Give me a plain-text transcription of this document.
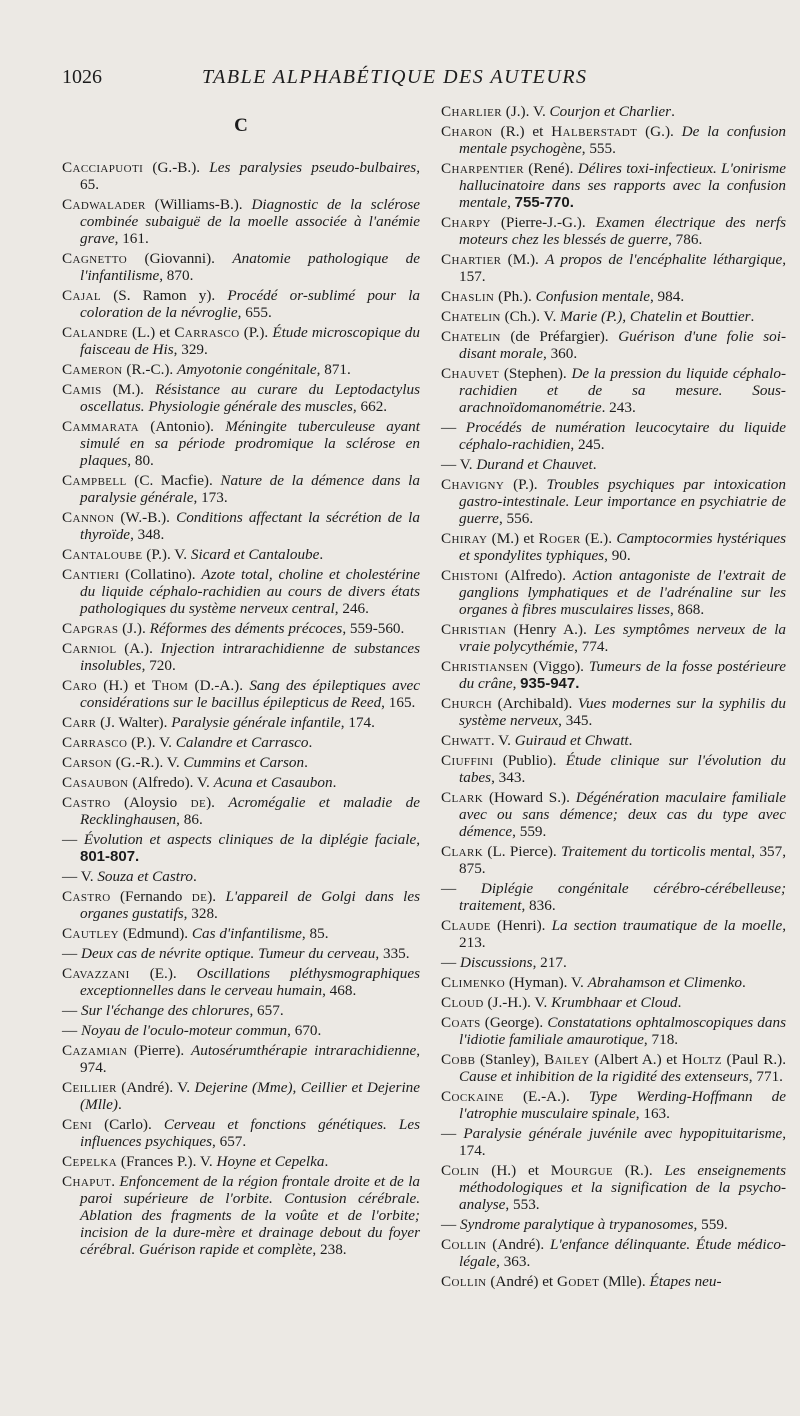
1026	TABLE ALPHABÉTIQUE DES AUTEURS
C
Cacciapuoti (G.-B.). Les paralysies pseudo-bulbaires, 65.
Cadwalader (Williams-B.). Diagnostic de la sclérose combinée subaiguë de la moelle associée à l'anémie grave, 161.
Cagnetto (Giovanni). Anatomie pathologique de l'infantilisme, 870.
Cajal (S. Ramon y). Procédé or-sublimé pour la coloration de la névroglie, 655.
Calandre (L.) et Carrasco (P.). Étude microscopique du faisceau de His, 329.
Cameron (R.-C.). Amyotonie congénitale, 871.
Camis (M.). Résistance au curare du Leptodactylus oscellatus. Physiologie générale des muscles, 662.
Cammarata (Antonio). Méningite tuberculeuse ayant simulé en sa période prodromique la sclérose en plaques, 80.
Campbell (C. Macfie). Nature de la démence dans la paralysie générale, 173.
Cannon (W.-B.). Conditions affectant la sécrétion de la thyroïde, 348.
Cantaloube (P.). V. Sicard et Cantaloube.
Cantieri (Collatino). Azote total, choline et cholestérine du liquide céphalo-rachidien au cours de divers états pathologiques du système nerveux central, 246.
Capgras (J.). Réformes des déments précoces, 559-560.
Carniol (A.). Injection intrarachidienne de substances insolubles, 720.
Caro (H.) et Thom (D.-A.). Sang des épileptiques avec considérations sur le bacillus épilepticus de Reed, 165.
Carr (J. Walter). Paralysie générale infantile, 174.
Carrasco (P.). V. Calandre et Carrasco.
Carson (G.-R.). V. Cummins et Carson.
Casaubon (Alfredo). V. Acuna et Casaubon.
Castro (Aloysio de). Acromégalie et maladie de Recklinghausen, 86.
— Évolution et aspects cliniques de la diplégie faciale, 801-807.
— V. Souza et Castro.
Castro (Fernando de). L'appareil de Golgi dans les organes gustatifs, 328.
Cautley (Edmund). Cas d'infantilisme, 85.
— Deux cas de névrite optique. Tumeur du cerveau, 335.
Cavazzani (E.). Oscillations pléthysmographiques exceptionnelles dans le cerveau humain, 468.
— Sur l'échange des chlorures, 657.
— Noyau de l'oculo-moteur commun, 670.
Cazamian (Pierre). Autosérumthérapie intrarachidienne, 974.
Ceillier (André). V. Dejerine (Mme), Ceillier et Dejerine (Mlle).
Ceni (Carlo). Cerveau et fonctions génétiques. Les influences psychiques, 657.
Cepelka (Frances P.). V. Hoyne et Cepelka.
Chaput. Enfoncement de la région frontale droite et de la paroi supérieure de l'orbite. Contusion cérébrale. Ablation des fragments de la voûte et de l'orbite; incision de la dure-mère et drainage debout du foyer cérébral. Guérison rapide et complète, 238.
Charlier (J.). V. Courjon et Charlier.
Charon (R.) et Halberstadt (G.). De la confusion mentale psychogène, 555.
Charpentier (René). Délires toxi-infectieux. L'onirisme hallucinatoire dans ses rapports avec la confusion mentale, 755-770.
Charpy (Pierre-J.-G.). Examen électrique des nerfs moteurs chez les blessés de guerre, 786.
Chartier (M.). A propos de l'encéphalite léthargique, 157.
Chaslin (Ph.). Confusion mentale, 984.
Chatelin (Ch.). V. Marie (P.), Chatelin et Bouttier.
Chatelin (de Préfargier). Guérison d'une folie soi-disant morale, 360.
Chauvet (Stephen). De la pression du liquide céphalo-rachidien et de sa mesure. Sous-arachnoïdomanométrie. 243.
— Procédés de numération leucocytaire du liquide céphalo-rachidien, 245.
— V. Durand et Chauvet.
Chavigny (P.). Troubles psychiques par intoxication gastro-intestinale. Leur importance en psychiatrie de guerre, 556.
Chiray (M.) et Roger (E.). Camptocormies hystériques et spondylites typhiques, 90.
Chistoni (Alfredo). Action antagoniste de l'extrait de ganglions lymphatiques et de l'adrénaline sur les organes à fibres musculaires lisses, 868.
Christian (Henry A.). Les symptômes nerveux de la vraie polycythémie, 774.
Christiansen (Viggo). Tumeurs de la fosse postérieure du crâne, 935-947.
Church (Archibald). Vues modernes sur la syphilis du système nerveux, 345.
Chwatt. V. Guiraud et Chwatt.
Ciuffini (Publio). Étude clinique sur l'évolution du tabes, 343.
Clark (Howard S.). Dégénération maculaire familiale avec ou sans démence; deux cas du type avec démence, 559.
Clark (L. Pierce). Traitement du torticolis mental, 357, 875.
— Diplégie congénitale cérébro-cérébelleuse; traitement, 836.
Claude (Henri). La section traumatique de la moelle, 213.
— Discussions, 217.
Climenko (Hyman). V. Abrahamson et Climenko.
Cloud (J.-H.). V. Krumbhaar et Cloud.
Coats (George). Constatations ophtalmoscopiques dans l'idiotie familiale amaurotique, 718.
Cobb (Stanley), Bailey (Albert A.) et Holtz (Paul R.). Cause et inhibition de la rigidité des extenseurs, 771.
Cockaine (E.-A.). Type Werding-Hoffmann de l'atrophie musculaire spinale, 163.
— Paralysie générale juvénile avec hypopituitarisme, 174.
Colin (H.) et Mourgue (R.). Les enseignements méthodologiques et la signification de la psycho-analyse, 553.
— Syndrome paralytique à trypanosomes, 559.
Collin (André). L'enfance délinquante. Étude médico-légale, 363.
Collin (André) et Godet (Mlle). Étapes neu-
